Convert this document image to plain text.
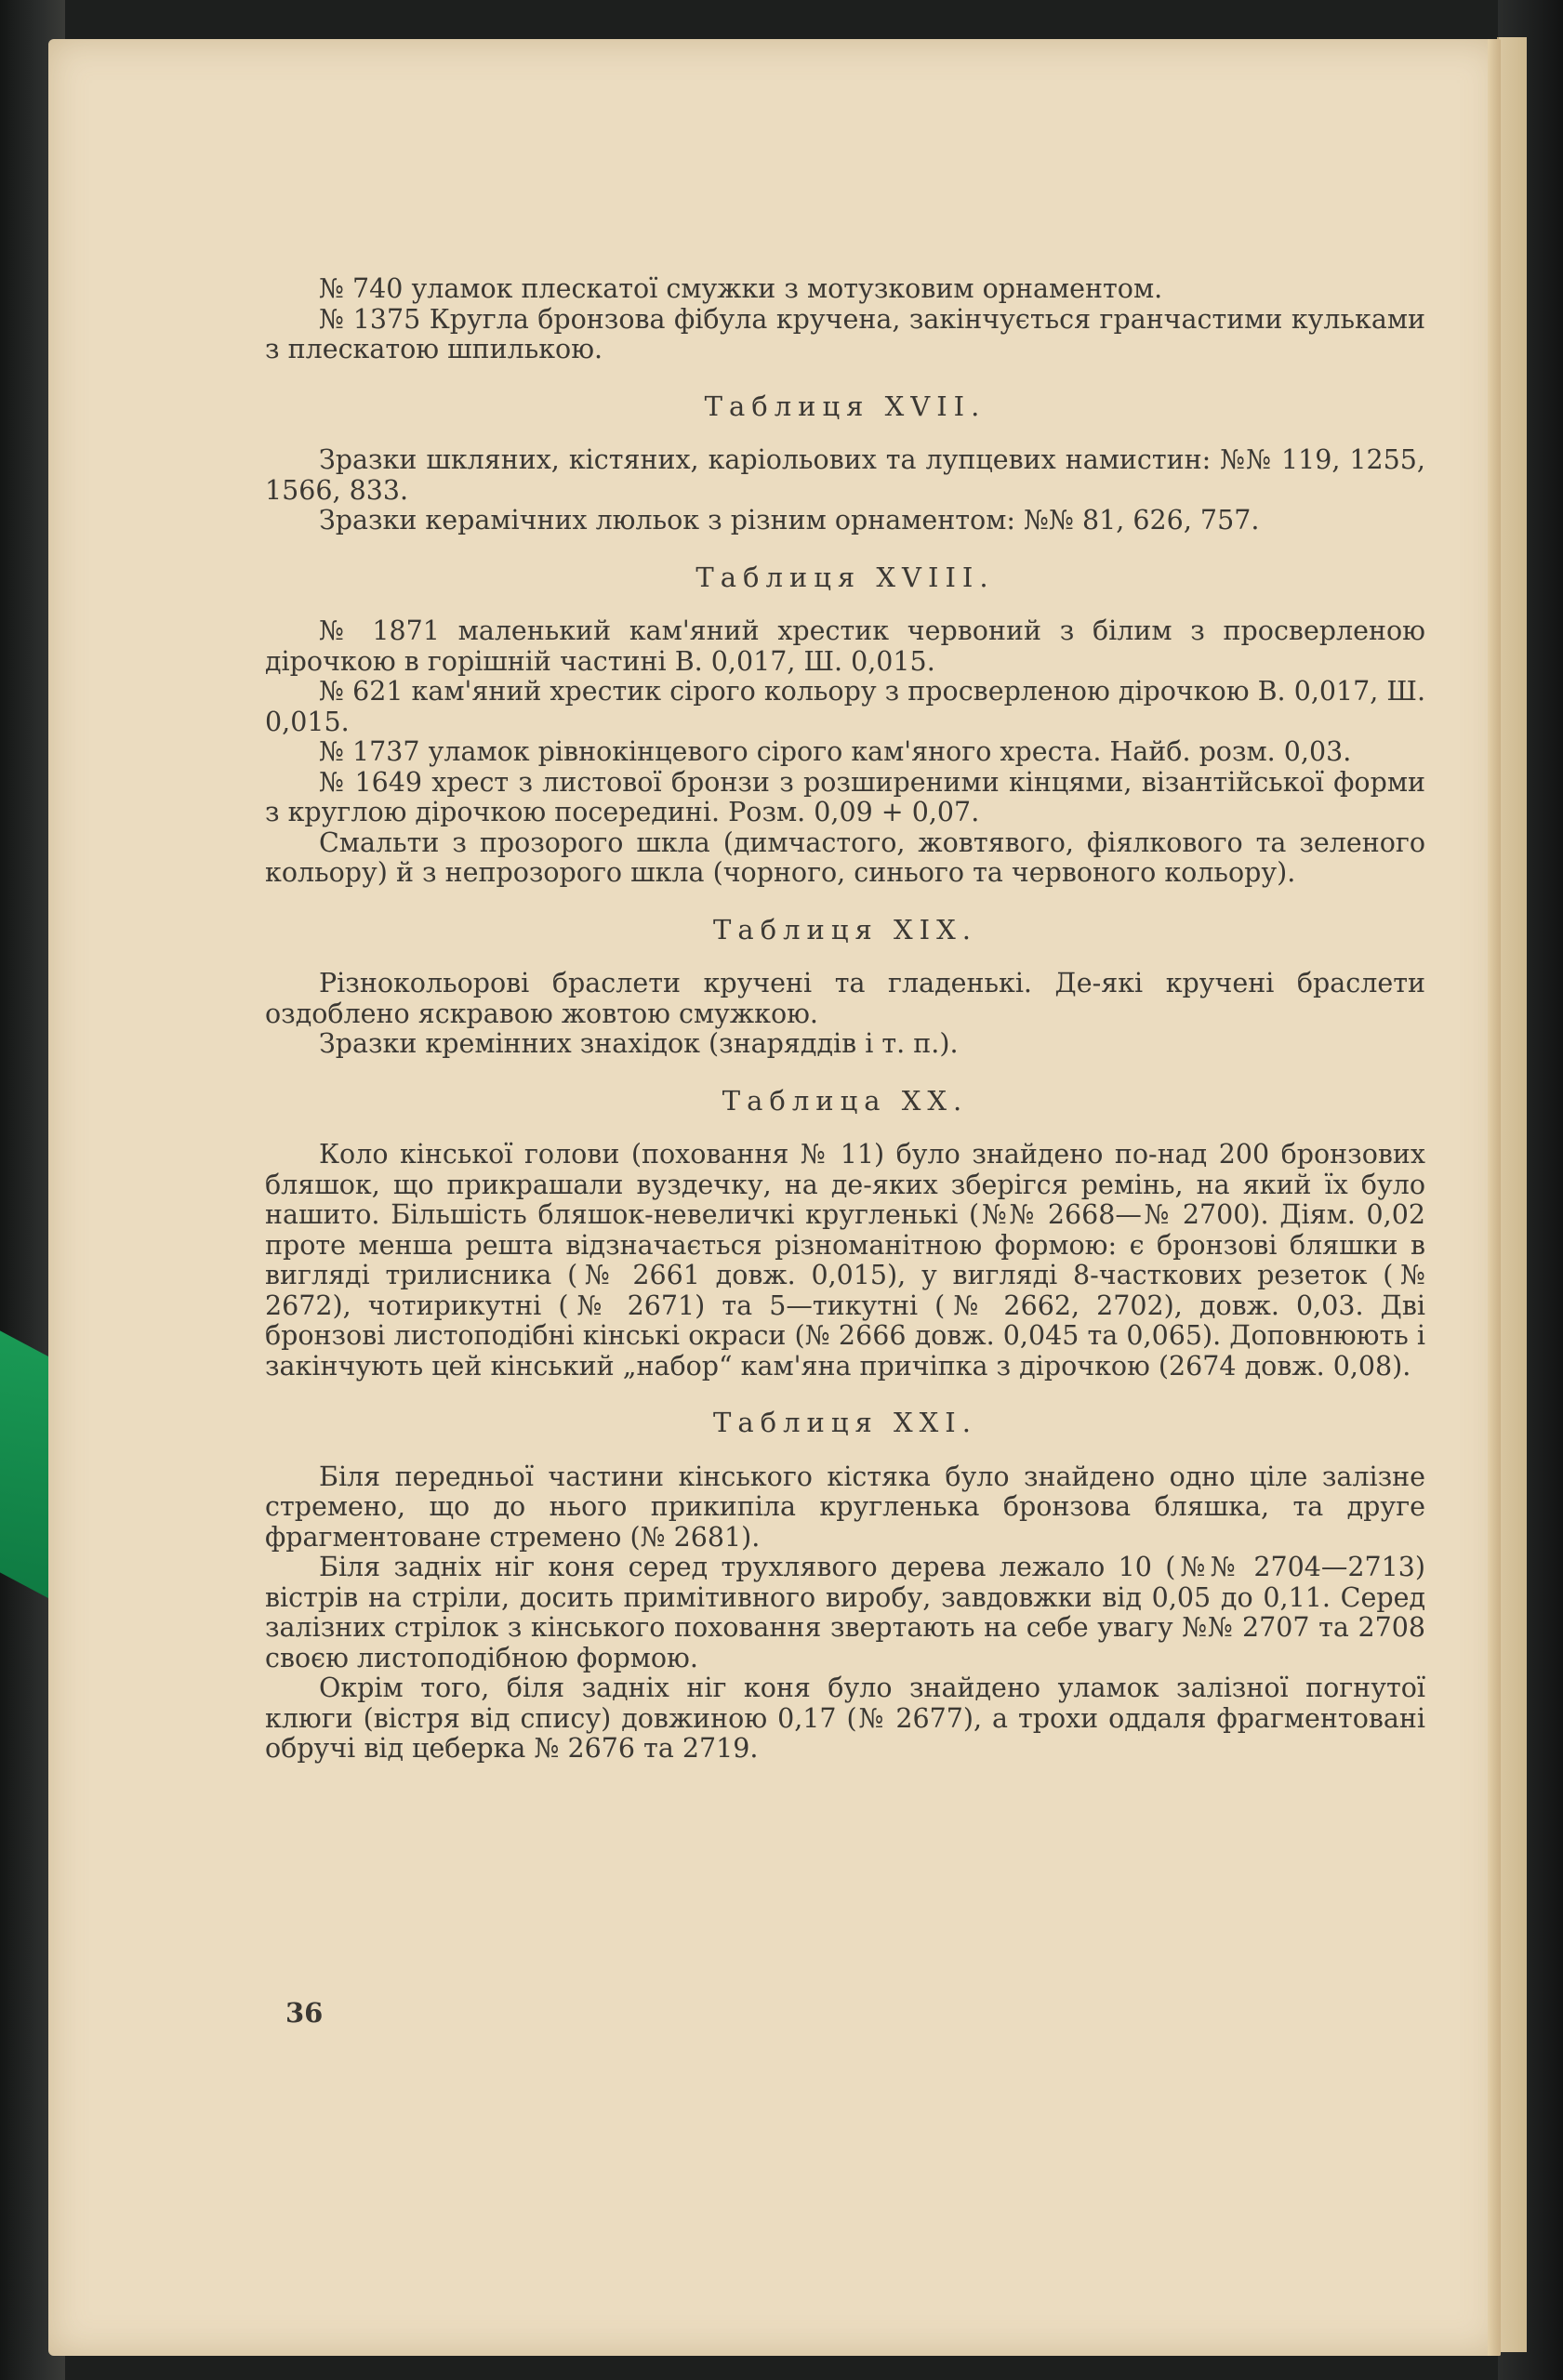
№ 740 уламок плескатої смужки з мотузковим орнаментом.

№ 1375 Кругла бронзова фібула кручена, закінчується гранчастими кульками з плескатою шпилькою.

Таблиця XVII.

Зразки шкляних, кістяних, каріольових та лупцевих намистин: №№ 119, 1255, 1566, 833.

Зразки керамічних люльок з різним орнаментом: №№ 81, 626, 757.

Таблиця XVIII.

№ 1871 маленький кам'яний хрестик червоний з білим з просверленою дірочкою в горішній частині В. 0,017, Ш. 0,015.

№ 621 кам'яний хрестик сірого кольору з просверленою дірочкою В. 0,017, Ш. 0,015.

№ 1737 уламок рівнокінцевого сірого кам'яного хреста. Найб. розм. 0,03.

№ 1649 хрест з листової бронзи з розширеними кінцями, візантійської форми з круглою дірочкою посередині. Розм. 0,09 + 0,07.

Смальти з прозорого шкла (димчастого, жовтявого, фіялкового та зеленого кольору) й з непрозорого шкла (чорного, синього та червоного кольору).

Таблиця XIX.

Різнокольорові браслети кручені та гладенькі. Де-які кручені браслети оздоблено яскравою жовтою смужкою.

Зразки кремінних знахідок (знаряддів і т. п.).

Таблица XX.

Коло кінської голови (поховання № 11) було знайдено по-над 200 бронзових бляшок, що прикрашали вуздечку, на де-яких зберігся ремінь, на який їх було нашито. Більшість бляшок-невеличкі кругленькі (№№ 2668—№ 2700). Діям. 0,02 проте менша решта відзначається різноманітною формою: є бронзові бляшки в вигляді трилисника (№ 2661 довж. 0,015), у вигляді 8-часткових резеток (№ 2672), чотирикутні (№ 2671) та 5—тикутні (№ 2662, 2702), довж. 0,03. Дві бронзові листоподібні кінські окраси (№ 2666 довж. 0,045 та 0,065). Доповнюють і закінчують цей кінський „набор“ кам'яна причіпка з дірочкою (2674 довж. 0,08).

Таблиця XXI.

Біля передньої частини кінського кістяка було знайдено одно ціле залізне стремено, що до нього прикипіла кругленька бронзова бляшка, та друге фрагментоване стремено (№ 2681).

Біля задніх ніг коня серед трухлявого дерева лежало 10 (№№ 2704—2713) вістрів на стріли, досить примітивного виробу, завдовжки від 0,05 до 0,11. Серед залізних стрілок з кінського поховання звертають на себе увагу №№ 2707 та 2708 своєю листоподібною формою.

Окрім того, біля задніх ніг коня було знайдено уламок залізної погнутої клюги (вістря від спису) довжиною 0,17 (№ 2677), а трохи оддаля фрагментовані обручі від цеберка № 2676 та 2719.

36
